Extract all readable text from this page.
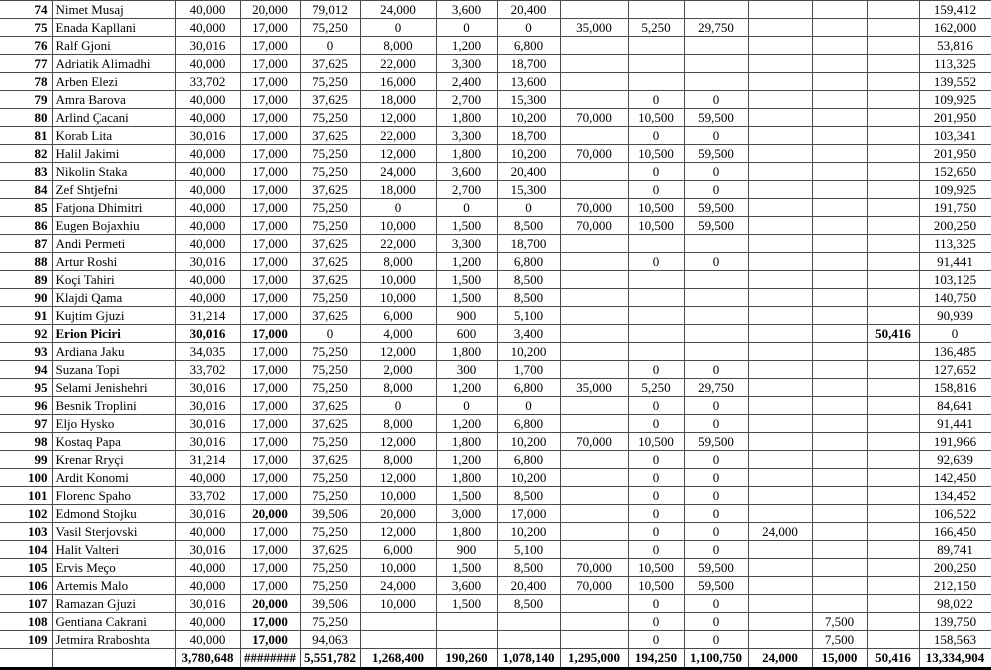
74	Nimet Musaj	40,000	20,000	79,012	24,000	3,600	20,400							159,412
75	Enada Kapllani	40,000	17,000	75,250	0	0	0	35,000	5,250	29,750				162,000
76	Ralf Gjoni	30,016	17,000	0	8,000	1,200	6,800							53,816
77	Adriatik Alimadhi	40,000	17,000	37,625	22,000	3,300	18,700							113,325
78	Arben Elezi	33,702	17,000	75,250	16,000	2,400	13,600							139,552
79	Amra Barova	40,000	17,000	37,625	18,000	2,700	15,300		0	0				109,925
80	Arlind Çacani	40,000	17,000	75,250	12,000	1,800	10,200	70,000	10,500	59,500				201,950
81	Korab Lita	30,016	17,000	37,625	22,000	3,300	18,700		0	0				103,341
82	Halil Jakimi	40,000	17,000	75,250	12,000	1,800	10,200	70,000	10,500	59,500				201,950
83	Nikolin Staka	40,000	17,000	75,250	24,000	3,600	20,400		0	0				152,650
84	Zef Shtjefni	40,000	17,000	37,625	18,000	2,700	15,300		0	0				109,925
85	Fatjona Dhimitri	40,000	17,000	75,250	0	0	0	70,000	10,500	59,500				191,750
86	Eugen Bojaxhiu	40,000	17,000	75,250	10,000	1,500	8,500	70,000	10,500	59,500				200,250
87	Andi Permeti	40,000	17,000	37,625	22,000	3,300	18,700							113,325
88	Artur Roshi	30,016	17,000	37,625	8,000	1,200	6,800		0	0				91,441
89	Koçi Tahiri	40,000	17,000	37,625	10,000	1,500	8,500							103,125
90	Klajdi Qama	40,000	17,000	75,250	10,000	1,500	8,500							140,750
91	Kujtim Gjuzi	31,214	17,000	37,625	6,000	900	5,100							90,939
92	Erion Piciri	30,016	17,000	0	4,000	600	3,400						50,416	0
93	Ardiana Jaku	34,035	17,000	75,250	12,000	1,800	10,200							136,485
94	Suzana Topi	33,702	17,000	75,250	2,000	300	1,700		0	0				127,652
95	Selami Jenishehri	30,016	17,000	75,250	8,000	1,200	6,800	35,000	5,250	29,750				158,816
96	Besnik Troplini	30,016	17,000	37,625	0	0	0		0	0				84,641
97	Eljo Hysko	30,016	17,000	37,625	8,000	1,200	6,800		0	0				91,441
98	Kostaq Papa	30,016	17,000	75,250	12,000	1,800	10,200	70,000	10,500	59,500				191,966
99	Krenar Rryçi	31,214	17,000	37,625	8,000	1,200	6,800		0	0				92,639
100	Ardit Konomi	40,000	17,000	75,250	12,000	1,800	10,200		0	0				142,450
101	Florenc Spaho	33,702	17,000	75,250	10,000	1,500	8,500		0	0				134,452
102	Edmond Stojku	30,016	20,000	39,506	20,000	3,000	17,000		0	0				106,522
103	Vasil Sterjovski	40,000	17,000	75,250	12,000	1,800	10,200		0	0	24,000			166,450
104	Halit Valteri	30,016	17,000	37,625	6,000	900	5,100		0	0				89,741
105	Ervis Meço	40,000	17,000	75,250	10,000	1,500	8,500	70,000	10,500	59,500				200,250
106	Artemis Malo	40,000	17,000	75,250	24,000	3,600	20,400	70,000	10,500	59,500				212,150
107	Ramazan Gjuzi	30,016	20,000	39,506	10,000	1,500	8,500		0	0				98,022
108	Gentiana Cakrani	40,000	17,000	75,250					0	0		7,500		139,750
109	Jetmira Rraboshta	40,000	17,000	94,063					0	0		7,500		158,563
		3,780,648	########	5,551,782	1,268,400	190,260	1,078,140	1,295,000	194,250	1,100,750	24,000	15,000	50,416	13,334,904
